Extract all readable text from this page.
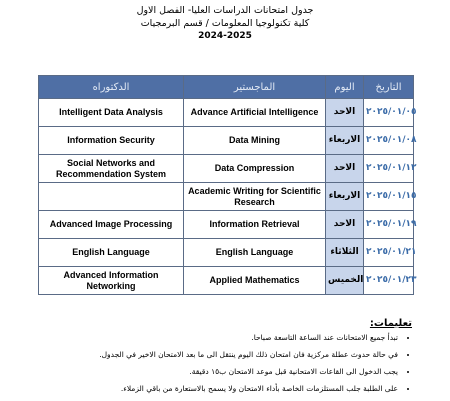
جدول امتحانات الدراسات العليا- الفصل الاول
كلية تكنولوجيا المعلومات / قسم البرمجيات
2024-2025
الدكتوراه	الماجستير	اليوم	التاريخ
Intelligent Data Analysis	Advance Artificial Intelligence	الاحد	٢٠٢٥/٠١/٠٥
Information Security	Data Mining	الاربعاء	٢٠٢٥/٠١/٠٨
Social Networks and Recommendation System	Data Compression	الاحد	٢٠٢٥/٠١/١٢
	Academic Writing for Scientific Research	الاربعاء	٢٠٢٥/٠١/١٥
Advanced Image Processing	Information Retrieval	الاحد	٢٠٢٥/٠١/١٩
English Language	English Language	الثلاثاء	٢٠٢٥/٠١/٢١
Advanced Information Networking	Applied Mathematics	الخميس	٢٠٢٥/٠١/٢٣
تعليمات:
• تبدأ جميع الامتحانات عند الساعة التاسعة صباحا.
• في حالة حدوث عطلة مركزية فان امتحان ذلك اليوم ينتقل الى ما بعد الامتحان الاخير في الجدول.
• يجب الدخول الى القاعات الامتحانية قبل موعد الامتحان ب١٥ دقيقة.
• على الطلبة جلب المستلزمات الخاصة بأداء الامتحان ولا يسمح بالاستعارة من باقي الزملاء.
